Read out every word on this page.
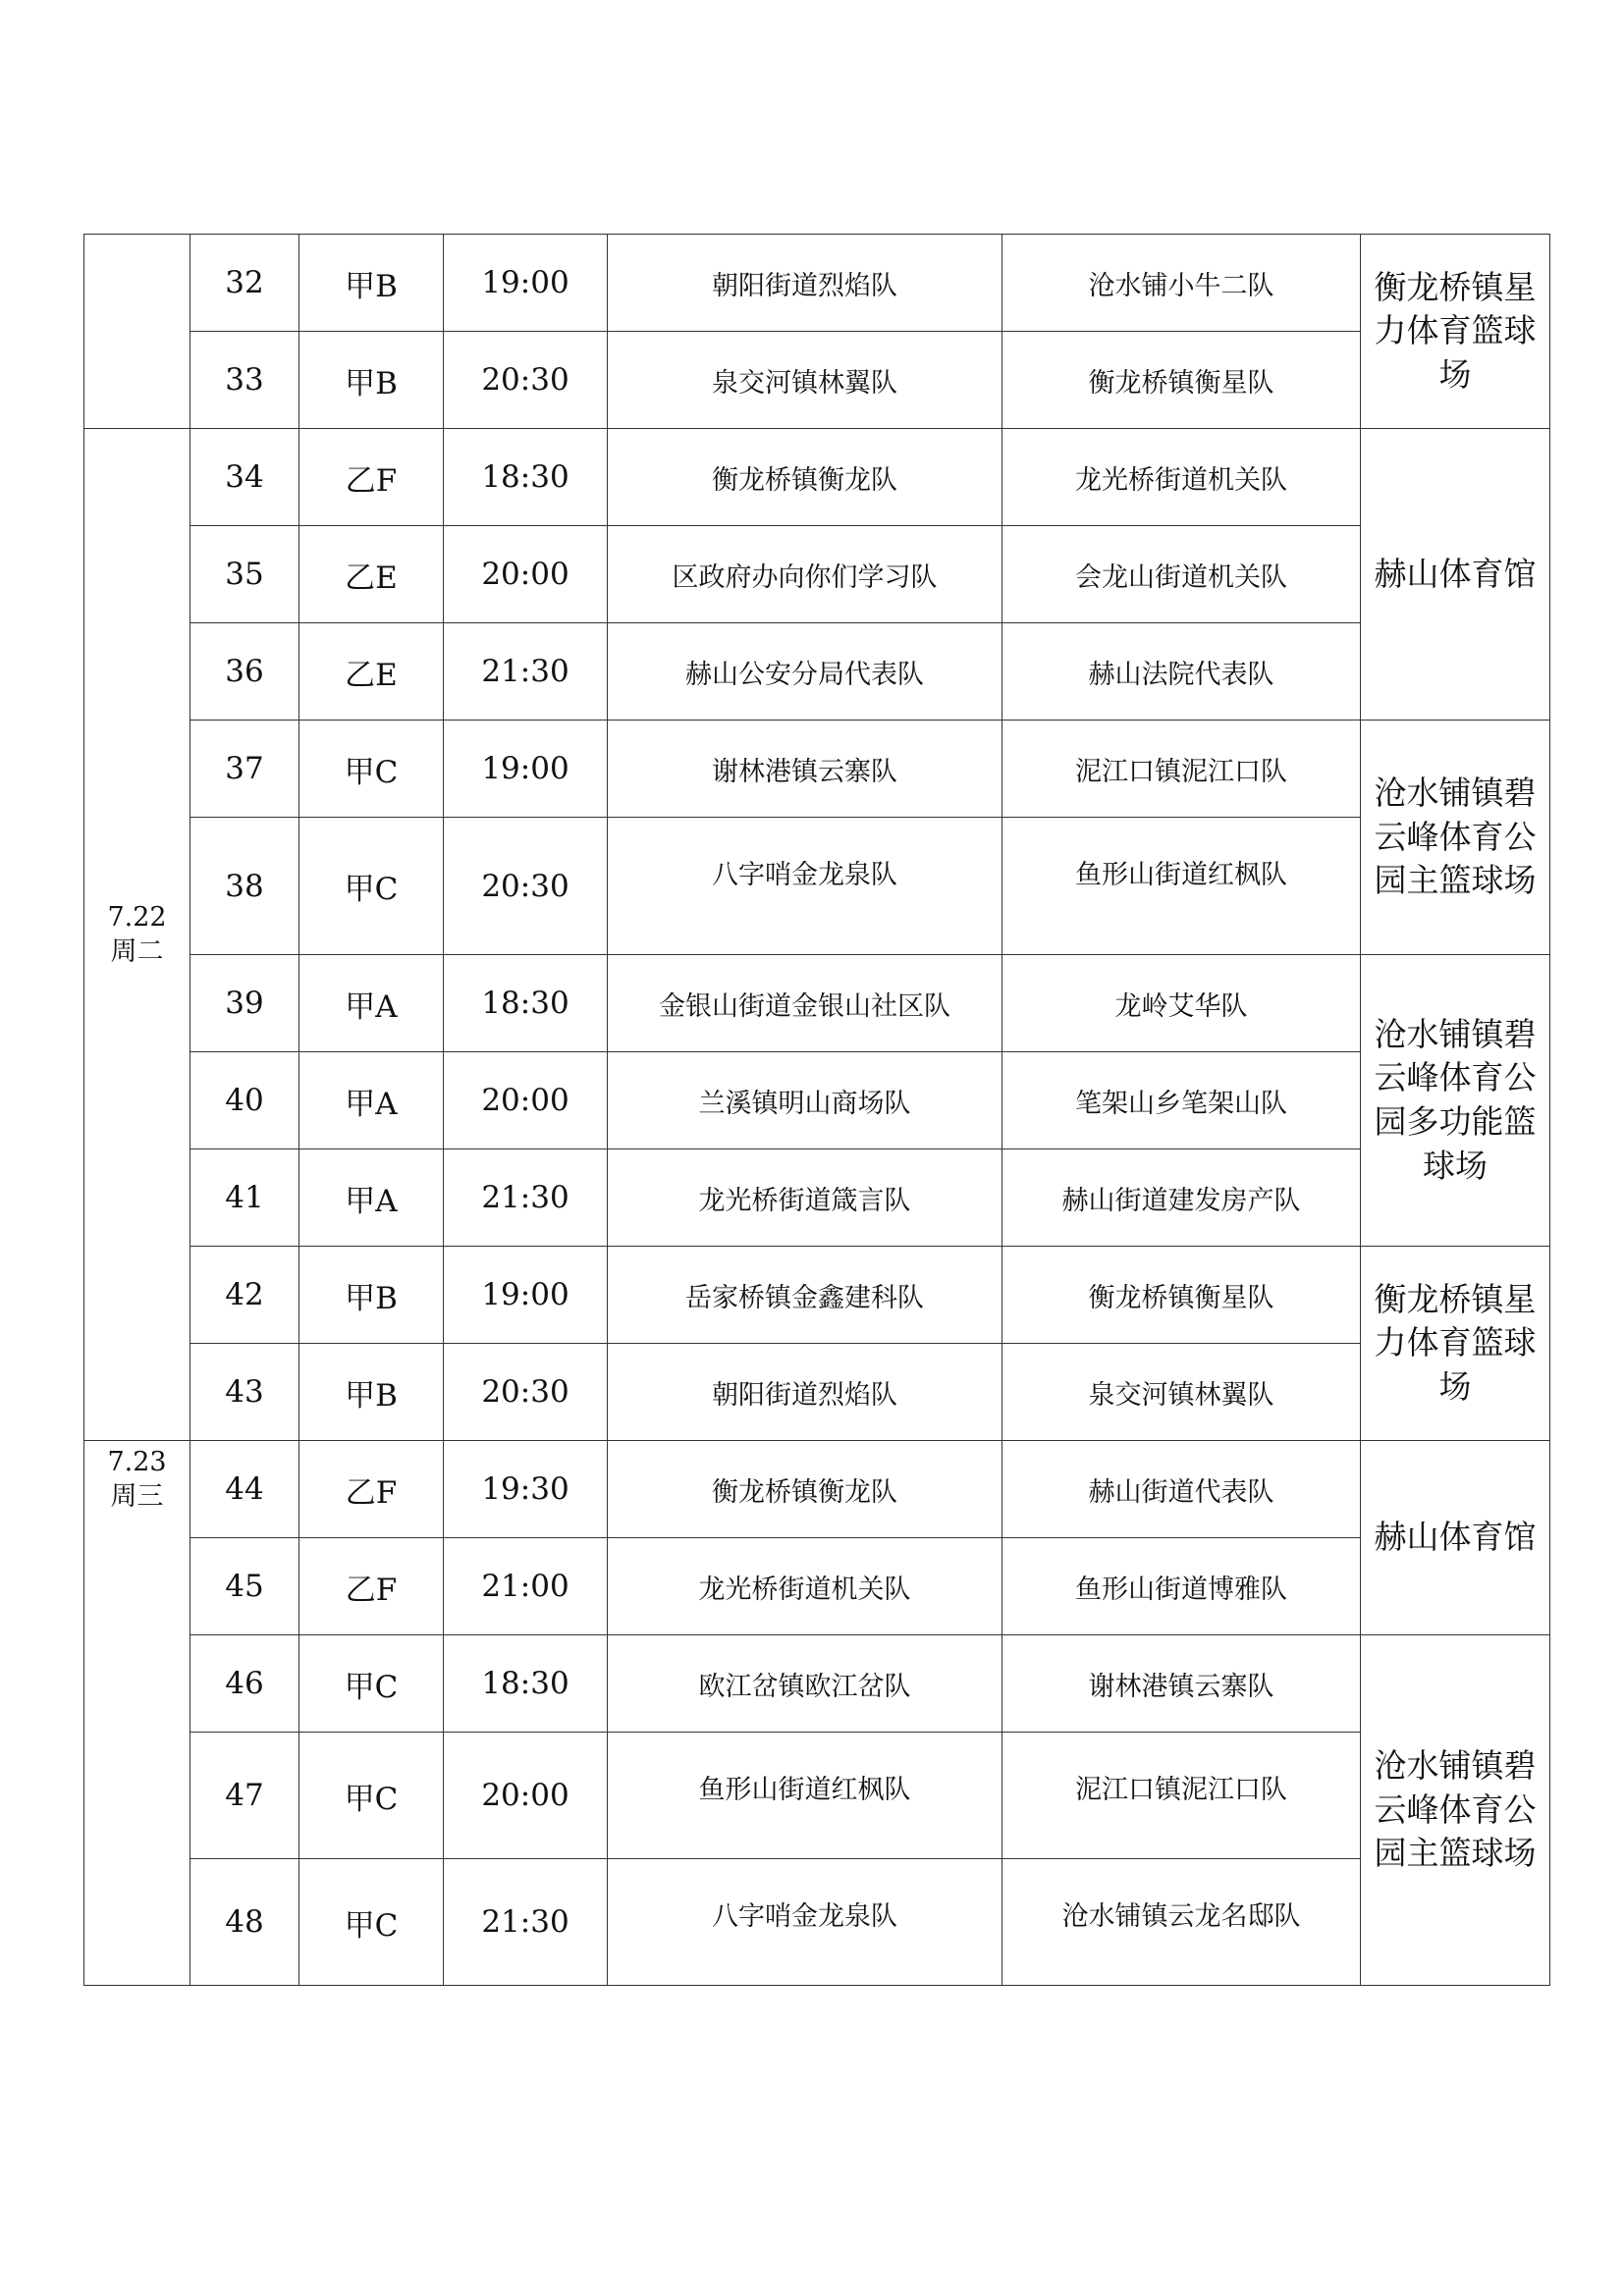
	32	甲B	19:00	朝阳街道烈焰队	沧水铺小牛二队	衡龙桥镇星
力体育篮球
场

	33	甲B	20:30	泉交河镇林翼队	衡龙桥镇衡星队	

7.22
周二	34	乙F	18:30	衡龙桥镇衡龙队	龙光桥街道机关队	赫山体育馆

	35	乙E	20:00	区政府办向你们学习队	会龙山街道机关队	
	36	乙E	21:30	赫山公安分局代表队	赫山法院代表队	
	37	甲C	19:00	谢林港镇云寨队	泥江口镇泥江口队	沧水铺镇碧
云峰体育公
园主篮球场

	38	甲C	20:30	八字哨金龙泉队	鱼形山街道红枫队	
	39	甲A	18:30	金银山街道金银山社区队	龙岭艾华队	沧水铺镇碧
云峰体育公
园多功能篮
球场

	40	甲A	20:00	兰溪镇明山商场队	笔架山乡笔架山队	
	41	甲A	21:30	龙光桥街道箴言队	赫山街道建发房产队	
	42	甲B	19:00	岳家桥镇金鑫建科队	衡龙桥镇衡星队	衡龙桥镇星
力体育篮球
场

	43	甲B	20:30	朝阳街道烈焰队	泉交河镇林翼队	

7.23
周三	44	乙F	19:30	衡龙桥镇衡龙队	赫山街道代表队	赫山体育馆

	45	乙F	21:00	龙光桥街道机关队	鱼形山街道博雅队	
	46	甲C	18:30	欧江岔镇欧江岔队	谢林港镇云寨队	沧水铺镇碧
云峰体育公
园主篮球场

	47	甲C	20:00	鱼形山街道红枫队	泥江口镇泥江口队	
	48	甲C	21:30	八字哨金龙泉队	沧水铺镇云龙名邸队	
